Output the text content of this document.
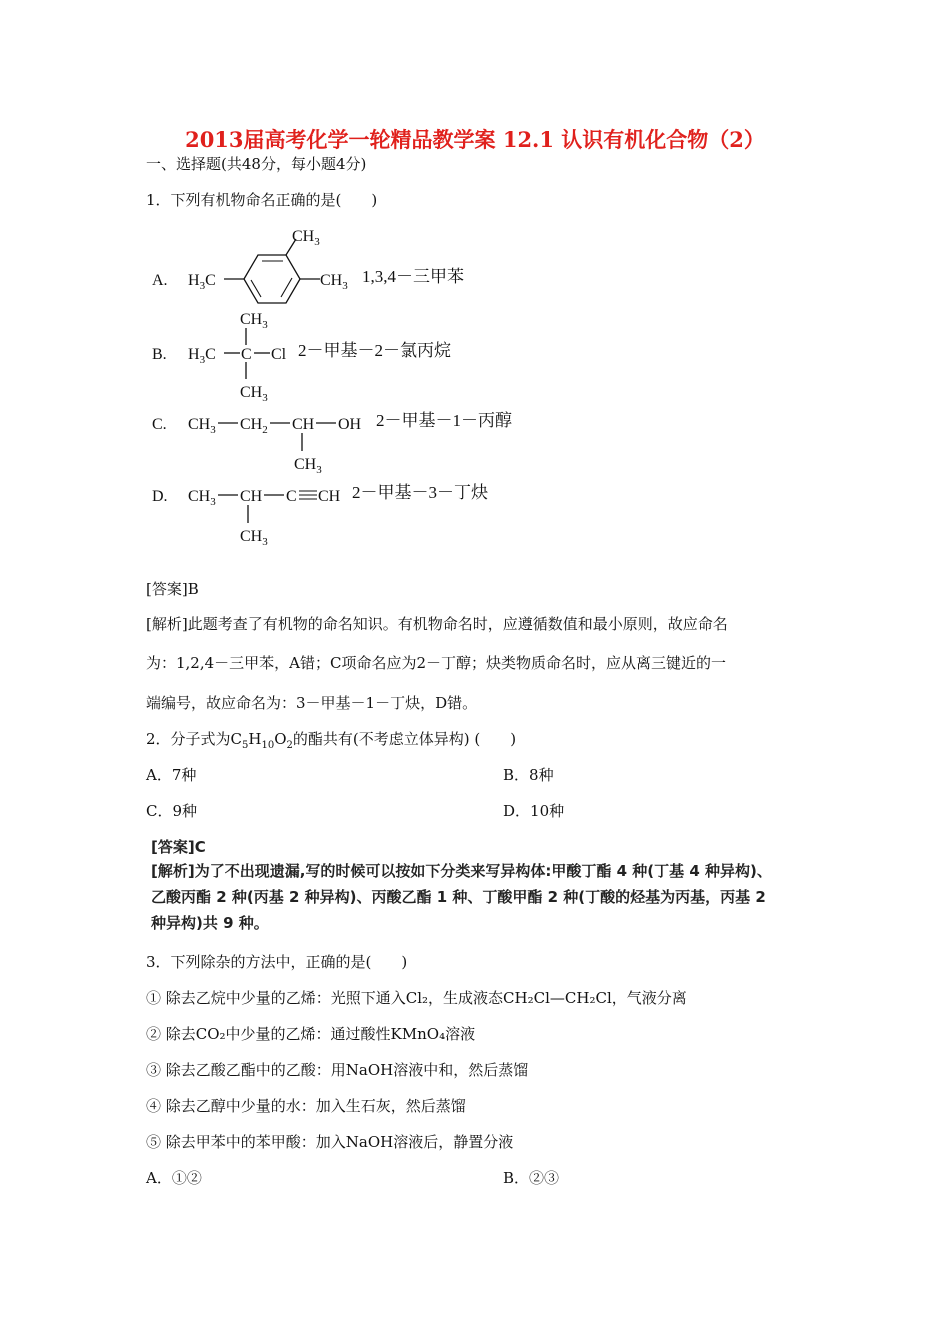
2013届高考化学一轮精品教学案 12.1 认识有机化合物（2）
一、选择题(共48分，每小题4分)
1．下列有机物命名正确的是(　　)
A. $H_3C$
$CH_3$
$CH_3$ 1,3,4－三甲苯
$CH_3$
B. $H_3C$ C Cl
$CH_3$
2－甲基－2－氯丙烷
C. $CH_3$ $CH_2$ CH OH
$CH_3$
2－甲基－1－丙醇
D. $CH_3$ CH C CH
$CH_3$
2－甲基－3－丁炔
[答案]B
[解析]此题考查了有机物的命名知识。有机物命名时，应遵循数值和最小原则，故应命名
为：1,2,4－三甲苯，A错；C项命名应为2－丁醇；炔类物质命名时，应从离三键近的一
端编号，故应命名为：3－甲基－1－丁炔，D错。
2．分子式为$C_5H_{10}O_2$的酯共有(不考虑立体异构) (　　)
A．7种	B．8种
C．9种	D．10种
[答案]C
[解析]为了不出现遗漏,写的时候可以按如下分类来写异构体:甲酸丁酯 4 种(丁基 4 种异构)、
乙酸丙酯 2 种(丙基 2 种异构)、丙酸乙酯 1 种、丁酸甲酯 2 种(丁酸的烃基为丙基，丙基 2
种异构)共 9 种。
3．下列除杂的方法中，正确的是(　　)
① 除去乙烷中少量的乙烯：光照下通入Cl₂，生成液态CH₂Cl—CH₂Cl，气液分离
② 除去CO₂中少量的乙烯：通过酸性KMnO₄溶液
③ 除去乙酸乙酯中的乙酸：用NaOH溶液中和，然后蒸馏
④ 除去乙醇中少量的水：加入生石灰，然后蒸馏
⑤ 除去甲苯中的苯甲酸：加入NaOH溶液后，静置分液
A．①②	B．②③
